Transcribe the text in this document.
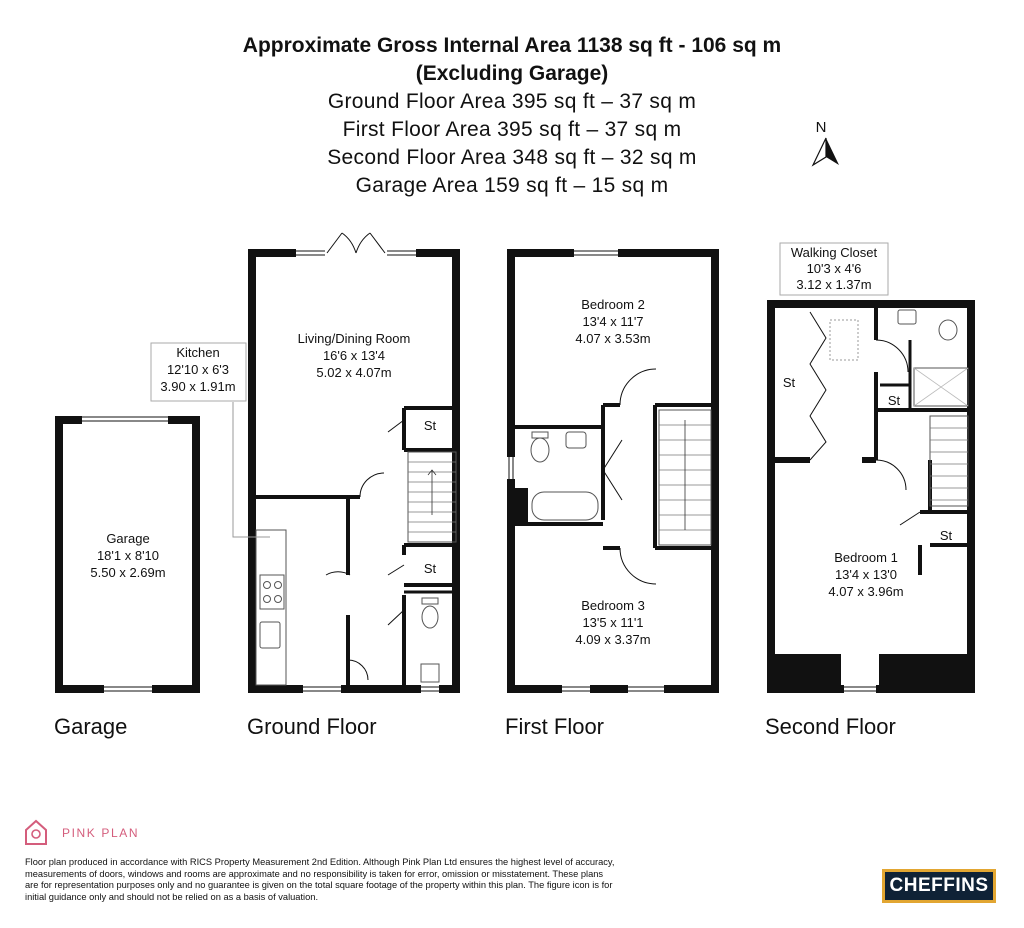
Approximate Gross Internal Area 1138 sq ft - 106 sq m
(Excluding Garage)
Ground Floor Area 395 sq ft – 37 sq m
First Floor Area 395 sq ft – 37 sq m
Second Floor Area 348 sq ft – 32 sq m
Garage Area 159 sq ft – 15 sq m
N
Garage
18'1 x 8'10
5.50 x 2.69m
Living/Dining Room
16'6 x 13'4
5.02 x 4.07m
St
St
Kitchen
12'10 x 6'3
3.90 x 1.91m
Bedroom 2
13'4 x 11'7
4.07 x 3.53m
Bedroom 3
13'5 x 11'1
4.09 x 3.37m
St
St
St
Bedroom 1
13'4 x 13'0
4.07 x 3.96m
Walking Closet
10'3 x 4'6
3.12 x 1.37m
Garage	Ground Floor	First Floor	Second Floor
PINK PLAN
Floor plan produced in accordance with RICS Property Measurement 2nd Edition. Although Pink Plan Ltd ensures the highest level of accuracy, measurements of doors, windows and rooms are approximate and no responsibility is taken for error, omission or misstatement. These plans are for representation purposes only and no guarantee is given on the total square footage of the property within this plan. The figure icon is for initial guidance only and should not be relied on as a basis of valuation.
CHEFFINS
